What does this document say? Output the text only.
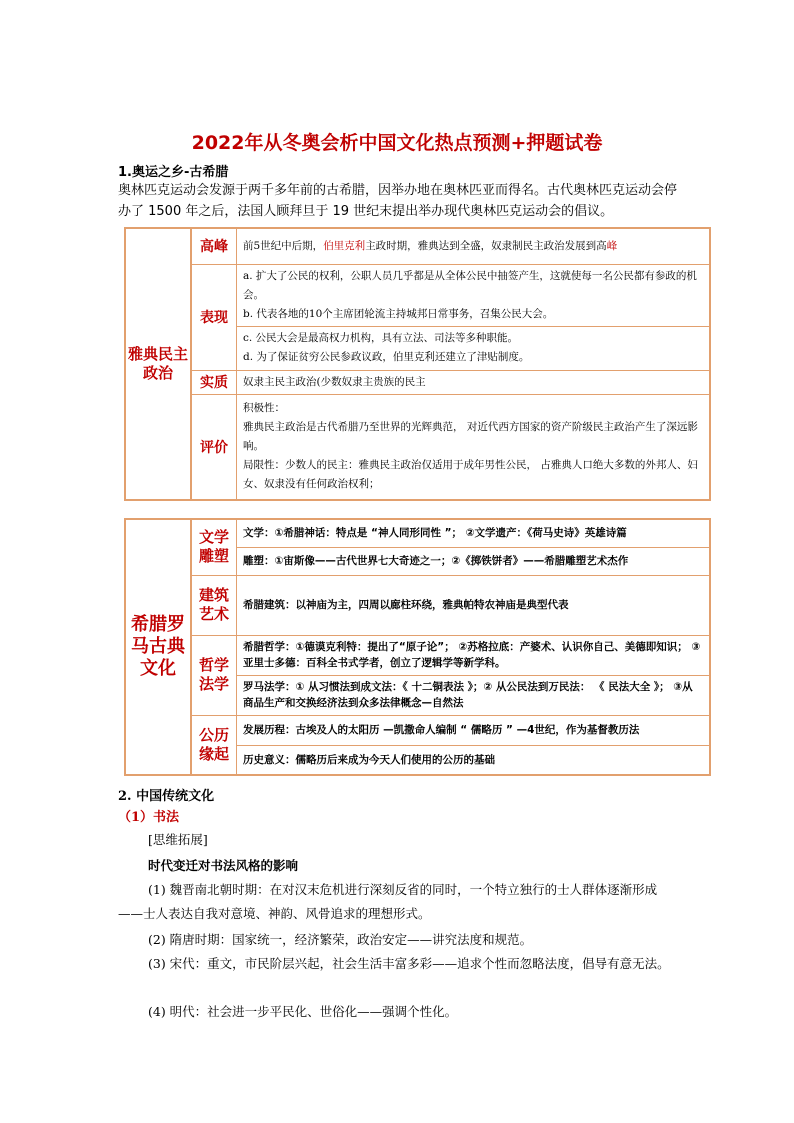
2022年从冬奥会析中国文化热点预测+押题试卷
1.奥运之乡-古希腊
奥林匹克运动会发源于两千多年前的古希腊，因举办地在奥林匹亚而得名。古代奥林匹克运动会停办了 1500 年之后，法国人顾拜旦于 19 世纪末提出举办现代奥林匹克运动会的倡议。
雅典民主政治	高峰	前5世纪中后期，伯里克利主政时期，雅典达到全盛，奴隶制民主政治发展到高峰
	表现	a. 扩大了公民的权利，公职人员几乎都是从全体公民中抽签产生，这就使每一名公民都有参政的机会。
b. 代表各地的10个主席团轮流主持城邦日常事务，召集公民大会。

		c. 公民大会是最高权力机构，具有立法、司法等多种职能。
d. 为了保证贫穷公民参政议政，伯里克利还建立了津贴制度。

	实质	奴隶主民主政治(少数奴隶主贵族的民主
	评价	积极性：
雅典民主政治是古代希腊乃至世界的光辉典范， 对近代西方国家的资产阶级民主政治产生了深远影响。
局限性：少数人的民主：雅典民主政治仅适用于成年男性公民， 占雅典人口绝大多数的外邦人、妇女、奴隶没有任何政治权利；
希腊罗马古典文化	文学雕塑	文学：①希腊神话：特点是 “神人同形同性 ”； ②文学遗产：《荷马史诗》英雄诗篇
		雕塑：①宙斯像——古代世界七大奇迹之一；②《掷铁饼者》——希腊雕塑艺术杰作
	建筑艺术	希腊建筑：以神庙为主，四周以廊柱环绕，雅典帕特农神庙是典型代表
	哲学法学	希腊哲学：①德谟克利特：提出了“原子论”； ②苏格拉底：产婆术、认识你自己、美德即知识； ③亚里士多德：百科全书式学者，创立了逻辑学等新学科。
		罗马法学：① 从习惯法到成文法：《 十二铜表法 》；② 从公民法到万民法： 《 民法大全 》； ③从商品生产和交换经济法到众多法律概念—自然法
	公历缘起	发展历程：古埃及人的太阳历 —凯撒命人编制 “ 儒略历 ” —4世纪，作为基督教历法
		历史意义：儒略历后来成为今天人们使用的公历的基础
2. 中国传统文化
（1）书法
[思维拓展]
时代变迁对书法风格的影响
(1) 魏晋南北朝时期：在对汉末危机进行深刻反省的同时，一个特立独行的士人群体逐渐形成——士人表达自我对意境、神韵、风骨追求的理想形式。
(2) 隋唐时期：国家统一，经济繁荣，政治安定——讲究法度和规范。
(3) 宋代：重文，市民阶层兴起，社会生活丰富多彩——追求个性而忽略法度，倡导有意无法。
(4) 明代：社会进一步平民化、世俗化——强调个性化。
